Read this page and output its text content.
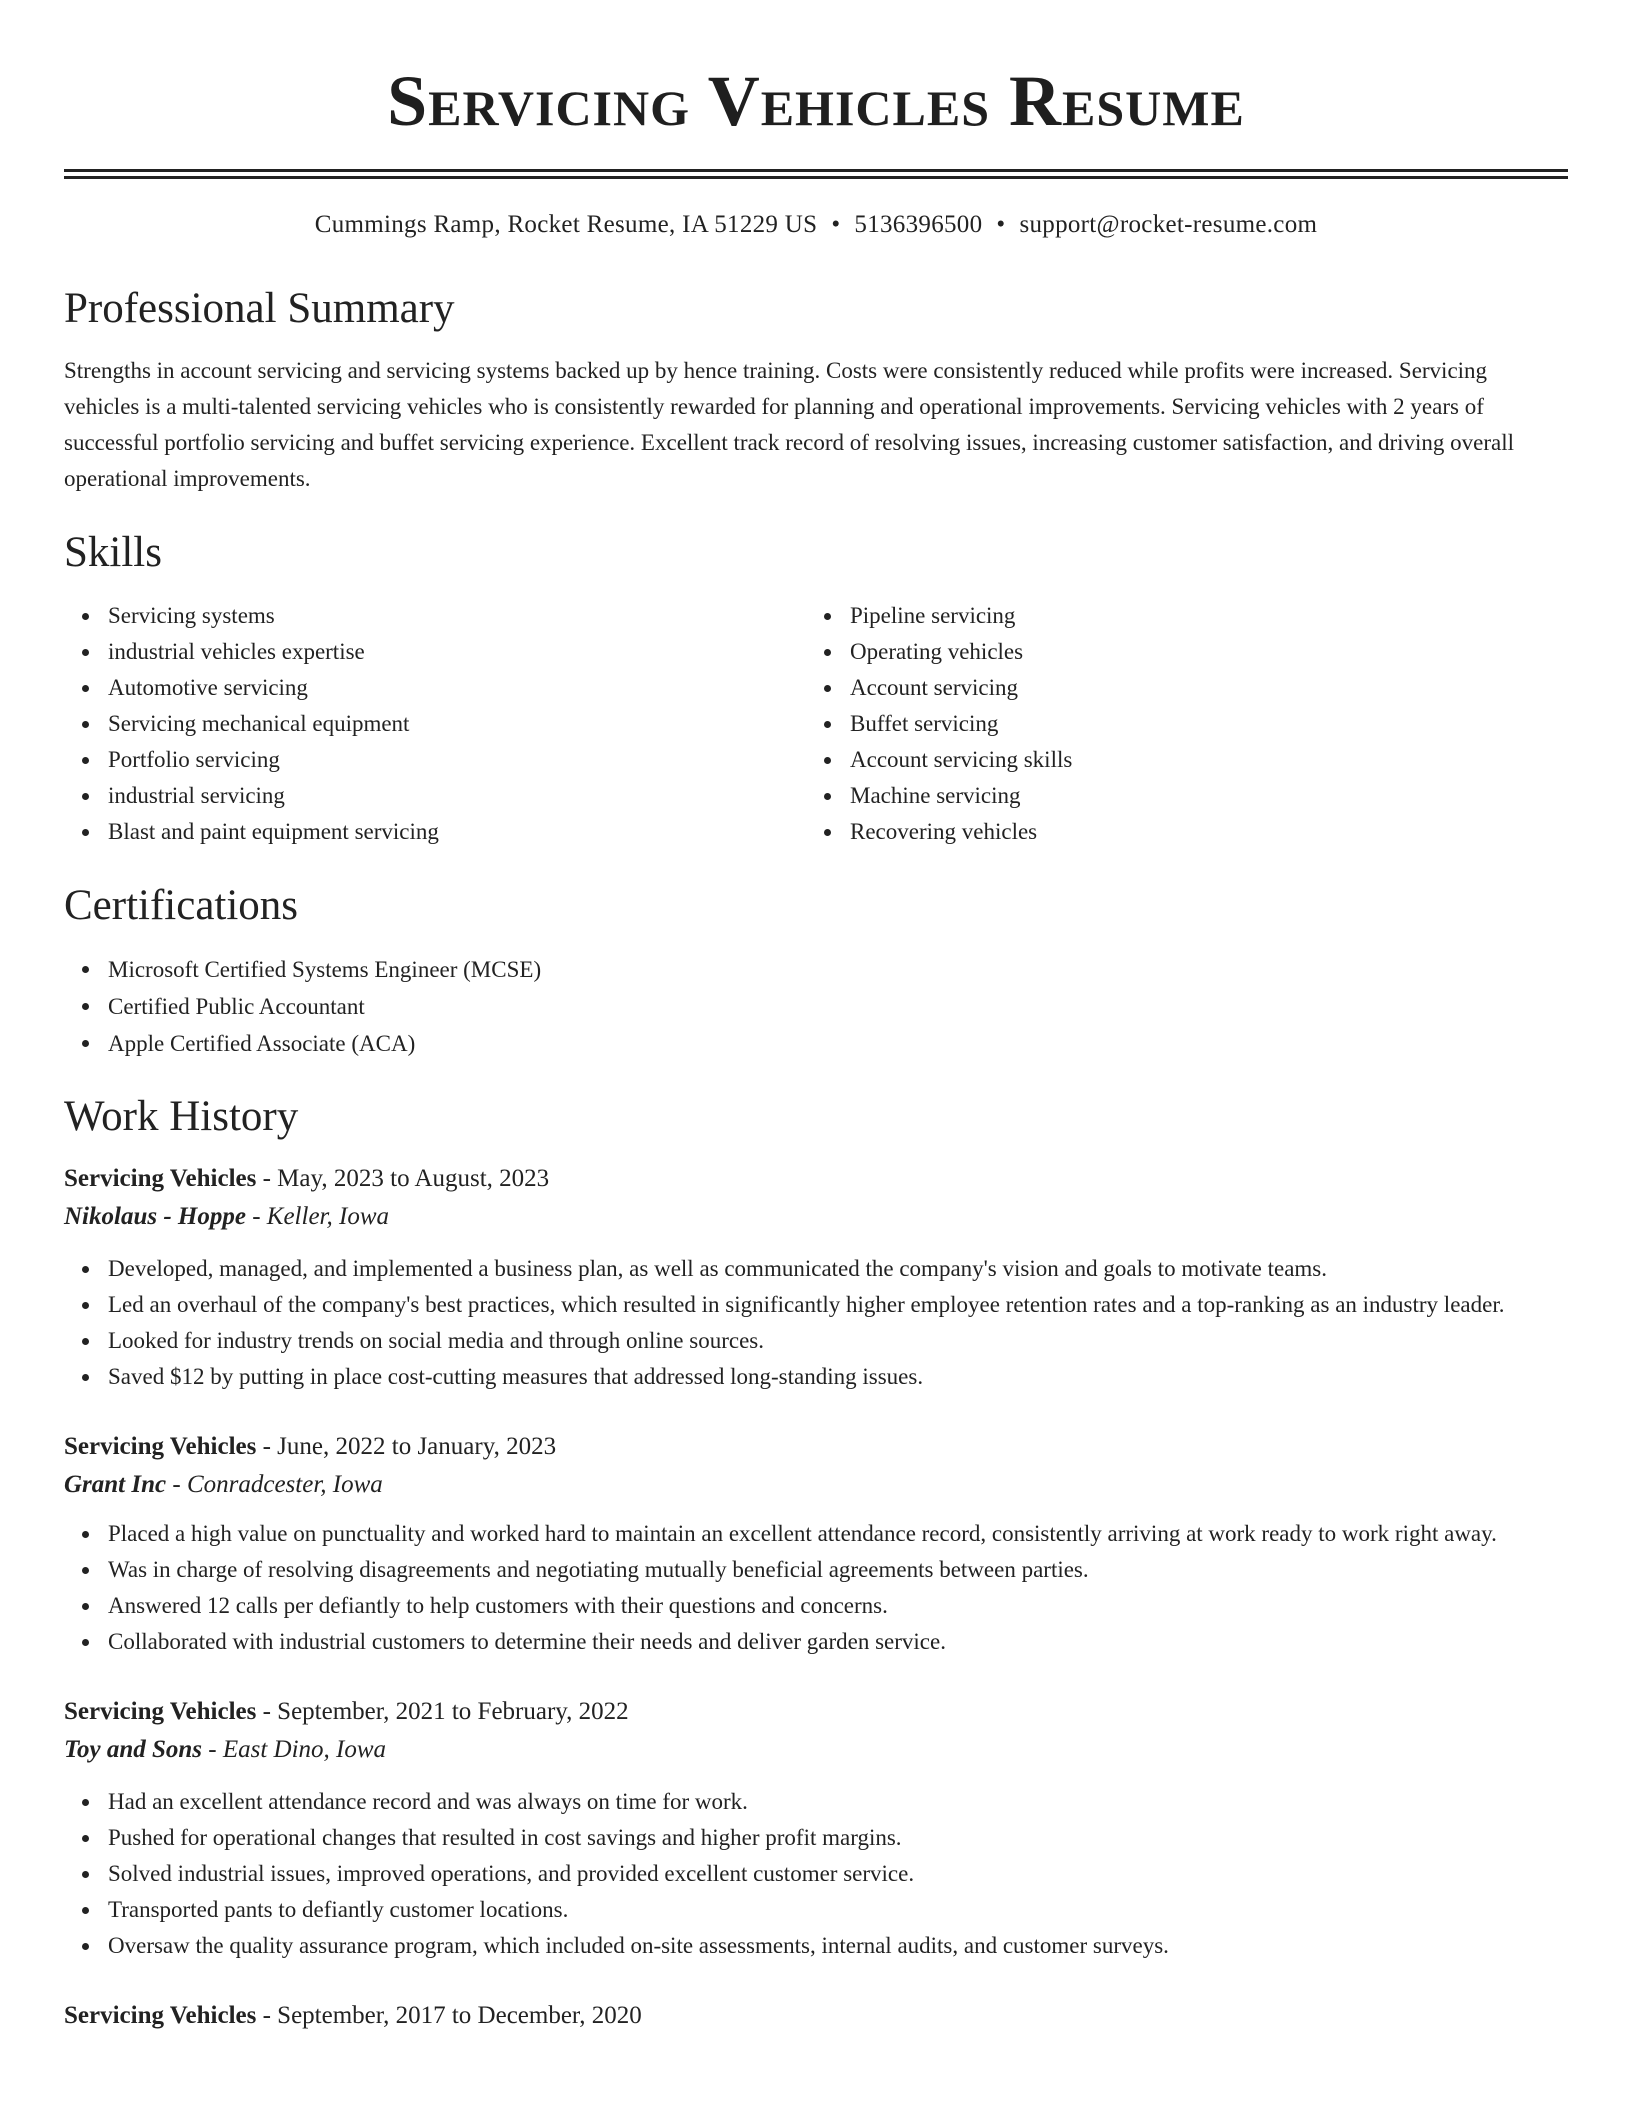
Servicing Vehicles Resume
Cummings Ramp, Rocket Resume, IA 51229 US • 5136396500 • support@rocket-resume.com
Professional Summary
Strengths in account servicing and servicing systems backed up by hence training. Costs were consistently reduced while profits were increased. Servicing vehicles is a multi-talented servicing vehicles who is consistently rewarded for planning and operational improvements. Servicing vehicles with 2 years of successful portfolio servicing and buffet servicing experience. Excellent track record of resolving issues, increasing customer satisfaction, and driving overall operational improvements.
Skills
Servicing systems
industrial vehicles expertise
Automotive servicing
Servicing mechanical equipment
Portfolio servicing
industrial servicing
Blast and paint equipment servicing
Pipeline servicing
Operating vehicles
Account servicing
Buffet servicing
Account servicing skills
Machine servicing
Recovering vehicles
Certifications
Microsoft Certified Systems Engineer (MCSE)
Certified Public Accountant
Apple Certified Associate (ACA)
Work History
Servicing Vehicles - May, 2023 to August, 2023
Nikolaus - Hoppe - Keller, Iowa
Developed, managed, and implemented a business plan, as well as communicated the company's vision and goals to motivate teams.
Led an overhaul of the company's best practices, which resulted in significantly higher employee retention rates and a top-ranking as an industry leader.
Looked for industry trends on social media and through online sources.
Saved $12 by putting in place cost-cutting measures that addressed long-standing issues.
Servicing Vehicles - June, 2022 to January, 2023
Grant Inc - Conradcester, Iowa
Placed a high value on punctuality and worked hard to maintain an excellent attendance record, consistently arriving at work ready to work right away.
Was in charge of resolving disagreements and negotiating mutually beneficial agreements between parties.
Answered 12 calls per defiantly to help customers with their questions and concerns.
Collaborated with industrial customers to determine their needs and deliver garden service.
Servicing Vehicles - September, 2021 to February, 2022
Toy and Sons - East Dino, Iowa
Had an excellent attendance record and was always on time for work.
Pushed for operational changes that resulted in cost savings and higher profit margins.
Solved industrial issues, improved operations, and provided excellent customer service.
Transported pants to defiantly customer locations.
Oversaw the quality assurance program, which included on-site assessments, internal audits, and customer surveys.
Servicing Vehicles - September, 2017 to December, 2020
